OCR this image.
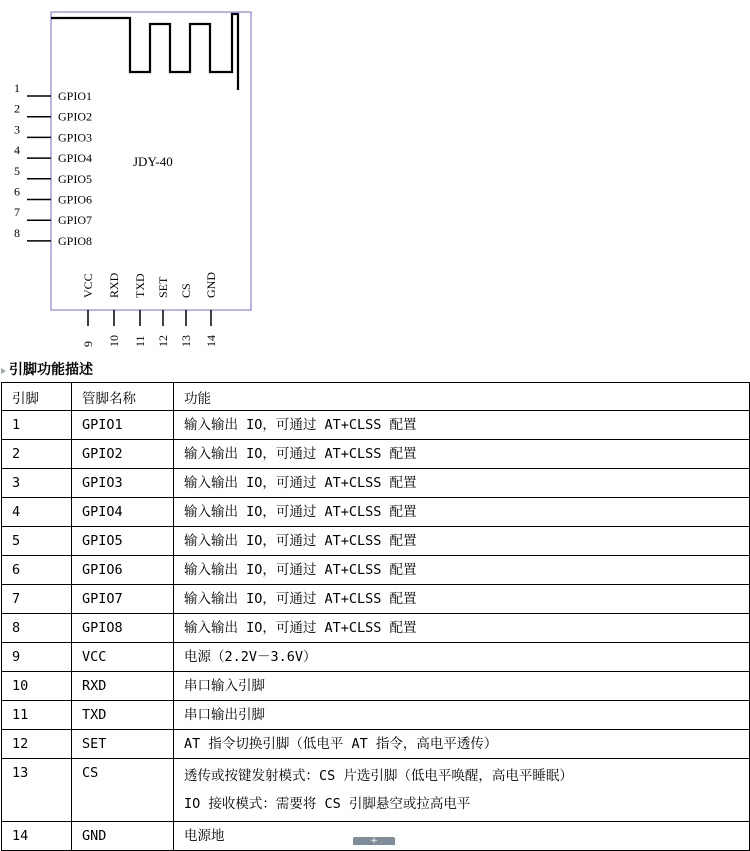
JDY-40
1
GPIO1
2
GPIO2
3
GPIO3
4
GPIO4
5
GPIO5
6
GPIO6
7
GPIO7
8
GPIO8
VCC
9
RXD
10
TXD
11
SET
12
CS
13
GND
14
引脚功能描述
引脚	管脚名称	功能
1	GPIO1	输入输出 IO，可通过 AT+CLSS 配置

2	GPIO2	输入输出 IO，可通过 AT+CLSS 配置

3	GPIO3	输入输出 IO，可通过 AT+CLSS 配置

4	GPIO4	输入输出 IO，可通过 AT+CLSS 配置

5	GPIO5	输入输出 IO，可通过 AT+CLSS 配置

6	GPIO6	输入输出 IO，可通过 AT+CLSS 配置

7	GPIO7	输入输出 IO，可通过 AT+CLSS 配置

8	GPIO8	输入输出 IO，可通过 AT+CLSS 配置

9	VCC	电源（2.2V－3.6V）

10	RXD	串口输入引脚

11	TXD	串口输出引脚

12	SET	AT 指令切换引脚（低电平 AT 指令，高电平透传）

13	CS	透传或按键发射模式：CS 片选引脚（低电平唤醒，高电平睡眠）
IO 接收模式：需要将 CS 引脚悬空或拉高电平

14	GND	电源地	+
